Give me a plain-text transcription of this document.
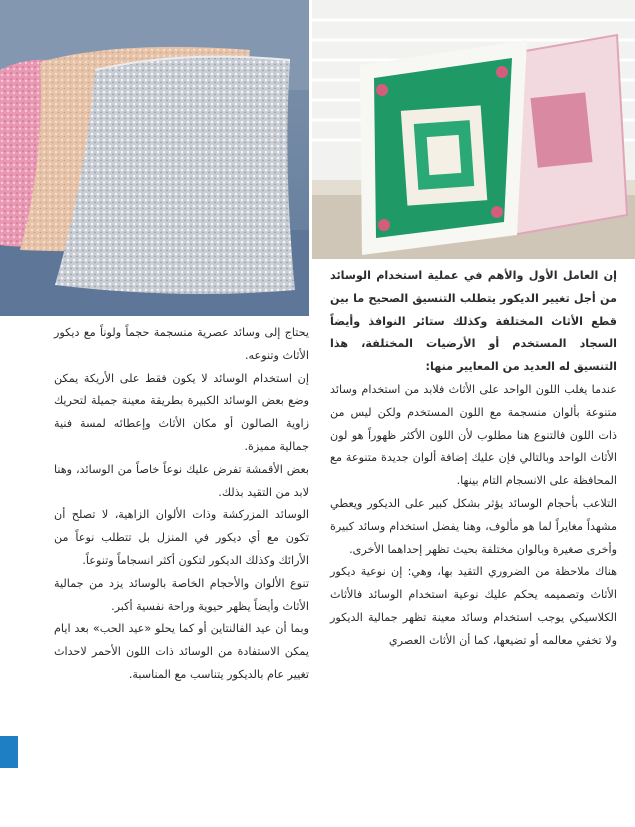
إن العامل الأول والأهم في عملية استخدام الوسائد من أجل تغيير الديكور يتطلب التنسيق الصحيح ما بين قطع الأثاث المختلفة وكذلك ستائر النوافذ وأيضاً السجاد المستخدم أو الأرضيات المختلفة، هذا التنسيق له العديد من المعايير منها:

عندما يغلب اللون الواحد على الأثاث فلابد من استخدام وسائد متنوعة بألوان منسجمة مع اللون المستخدم ولكن ليس من ذات اللون فالتنوع هنا مطلوب لأن اللون الأكثر ظهوراً هو لون الأثاث الواحد وبالتالي فإن عليك إضافة ألوان جديدة متنوعة مع المحافظة على الانسجام التام بينها.

التلاعب بأحجام الوسائد يؤثر بشكل كبير على الديكور ويعطي مشهداً مغايراً لما هو مألوف، وهنا يفضل استخدام وسائد كبيرة وأخرى صغيرة وبالوان مختلفة بحيث تظهر إحداهما الأخرى.

هناك ملاحظة من الضروري التقيد بها، وهي: إن نوعية ديكور الأثاث وتصميمه يحكم عليك نوعية استخدام الوسائد فالأثاث الكلاسيكي يوجب استخدام وسائد معينة تظهر جمالية الديكور ولا تخفي معالمه أو تضيعها، كما أن الأثاث العصري

يحتاج إلى وسائد عصرية منسجمة حجماً ولوناً مع ديكور الأثاث وتنوعه.

إن استخدام الوسائد لا يكون فقط على الأريكة يمكن وضع بعض الوسائد الكبيرة بطريقة معينة جميلة لتحريك زاوية الصالون أو مكان الأثاث وإعطائه لمسة فنية جمالية مميزة.

بعض الأقمشة تفرض عليك نوعاً خاصاً من الوسائد، وهنا لابد من التقيد بذلك.

الوسائد المزركشة وذات الألوان الزاهية، لا تصلح أن تكون مع أي ديكور في المنزل بل تتطلب نوعاً من الأرائك وكذلك الديكور لتكون أكثر انسجاماً وتنوعاً.

تنوع الألوان والأحجام الخاصة بالوسائد يزد من جمالية الأثاث وأيضاً يظهر حيوية وراحة نفسية أكبر.

وبما أن عيد الفالنتاين أو كما يحلو «عيد الحب» بعد ايام يمكن الاستفادة من الوسائد ذات اللون الأحمر لاحداث تغيير عام بالديكور يتناسب مع المناسبة.
